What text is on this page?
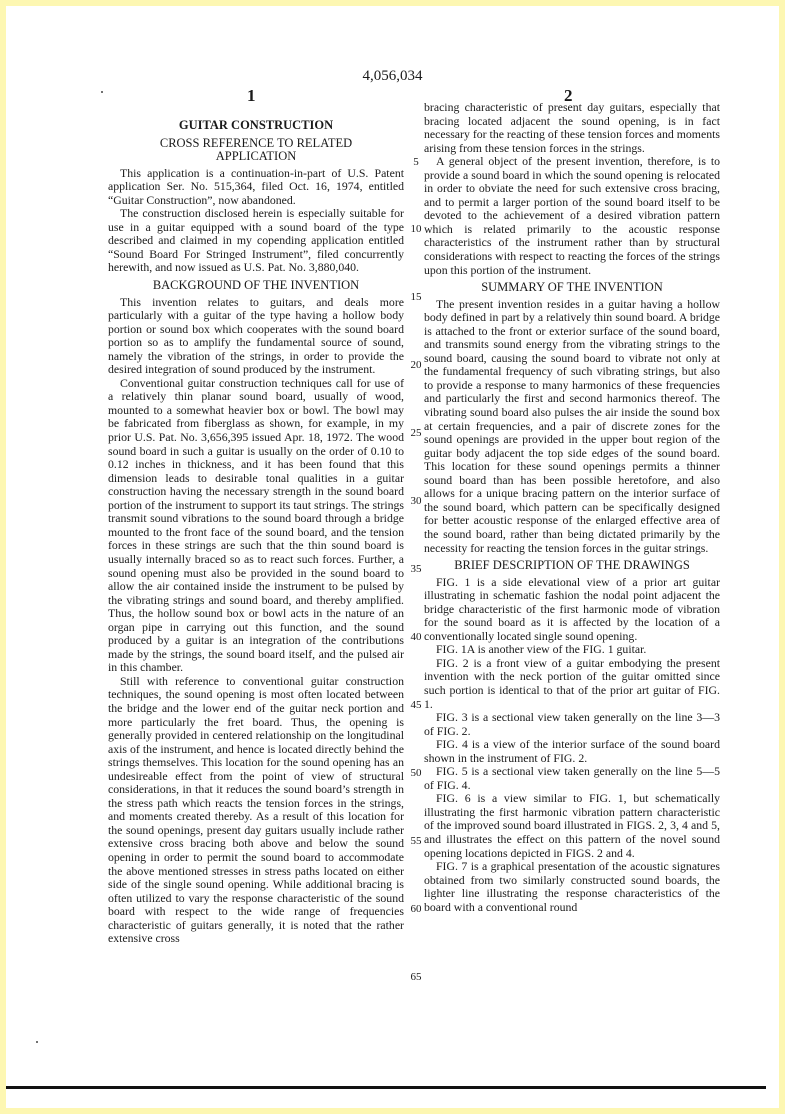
4,056,034
1	2
GUITAR CONSTRUCTION
CROSS REFERENCE TO RELATED APPLICATION

This application is a continuation-in-part of U.S. Patent application Ser. No. 515,364, filed Oct. 16, 1974, entitled “Guitar Construction”, now abandoned.

The construction disclosed herein is especially suitable for use in a guitar equipped with a sound board of the type described and claimed in my copending application entitled “Sound Board For Stringed Instrument”, filed concurrently herewith, and now issued as U.S. Pat. No. 3,880,040.

BACKGROUND OF THE INVENTION

This invention relates to guitars, and deals more particularly with a guitar of the type having a hollow body portion or sound box which cooperates with the sound board portion so as to amplify the fundamental source of sound, namely the vibration of the strings, in order to provide the desired integration of sound produced by the instrument.

Conventional guitar construction techniques call for use of a relatively thin planar sound board, usually of wood, mounted to a somewhat heavier box or bowl. The bowl may be fabricated from fiberglass as shown, for example, in my prior U.S. Pat. No. 3,656,395 issued Apr. 18, 1972. The wood sound board in such a guitar is usually on the order of 0.10 to 0.12 inches in thickness, and it has been found that this dimension leads to desirable tonal qualities in a guitar construction having the necessary strength in the sound board portion of the instrument to support its taut strings. The strings transmit sound vibrations to the sound board through a bridge mounted to the front face of the sound board, and the tension forces in these strings are such that the thin sound board is usually internally braced so as to react such forces. Further, a sound opening must also be provided in the sound board to allow the air contained inside the instrument to be pulsed by the vibrating strings and sound board, and thereby amplified. Thus, the hollow sound box or bowl acts in the nature of an organ pipe in carrying out this function, and the sound produced by a guitar is an integration of the contributions made by the strings, the sound board itself, and the pulsed air in this chamber.

Still with reference to conventional guitar construction techniques, the sound opening is most often located between the bridge and the lower end of the guitar neck portion and more particularly the fret board. Thus, the opening is generally provided in centered relationship on the longitudinal axis of the instrument, and hence is located directly behind the strings themselves. This location for the sound opening has an undesireable effect from the point of view of structural considerations, in that it reduces the sound board’s strength in the stress path which reacts the tension forces in the strings, and moments created thereby. As a result of this location for the sound openings, present day guitars usually include rather extensive cross bracing both above and below the sound opening in order to permit the sound board to accommodate the above mentioned stresses in stress paths located on either side of the single sound opening. While additional bracing is often utilized to vary the response characteristic of the sound board with respect to the wide range of frequencies characteristic of guitars generally, it is noted that the rather extensive cross

5
10
15
20
25
30
35
40
45
50
55
60
65

bracing characteristic of present day guitars, especially that bracing located adjacent the sound opening, is in fact necessary for the reacting of these tension forces and moments arising from these tension forces in the strings.

A general object of the present invention, therefore, is to provide a sound board in which the sound opening is relocated in order to obviate the need for such extensive cross bracing, and to permit a larger portion of the sound board itself to be devoted to the achievement of a desired vibration pattern which is related primarily to the acoustic response characteristics of the instrument rather than by structural considerations with respect to reacting the forces of the strings upon this portion of the instrument.

SUMMARY OF THE INVENTION

The present invention resides in a guitar having a hollow body defined in part by a relatively thin sound board. A bridge is attached to the front or exterior surface of the sound board, and transmits sound energy from the vibrating strings to the sound board, causing the sound board to vibrate not only at the fundamental frequency of such vibrating strings, but also to provide a response to many harmonics of these frequencies and particularly the first and second harmonics thereof. The vibrating sound board also pulses the air inside the sound box at certain frequencies, and a pair of discrete zones for the sound openings are provided in the upper bout region of the guitar body adjacent the top side edges of the sound board. This location for these sound openings permits a thinner sound board than has been possible heretofore, and also allows for a unique bracing pattern on the interior surface of the sound board, which pattern can be specifically designed for better acoustic response of the enlarged effective area of the sound board, rather than being dictated primarily by the necessity for reacting the tension forces in the guitar strings.

BRIEF DESCRIPTION OF THE DRAWINGS

FIG. 1 is a side elevational view of a prior art guitar illustrating in schematic fashion the nodal point adjacent the bridge characteristic of the first harmonic mode of vibration for the sound board as it is affected by the location of a conventionally located single sound opening.

FIG. 1A is another view of the FIG. 1 guitar.

FIG. 2 is a front view of a guitar embodying the present invention with the neck portion of the guitar omitted since such portion is identical to that of the prior art guitar of FIG. 1.

FIG. 3 is a sectional view taken generally on the line 3—3 of FIG. 2.

FIG. 4 is a view of the interior surface of the sound board shown in the instrument of FIG. 2.

FIG. 5 is a sectional view taken generally on the line 5—5 of FIG. 4.

FIG. 6 is a view similar to FIG. 1, but schematically illustrating the first harmonic vibration pattern characteristic of the improved sound board illustrated in FIGS. 2, 3, 4 and 5, and illustrates the effect on this pattern of the novel sound opening locations depicted in FIGS. 2 and 4.

FIG. 7 is a graphical presentation of the acoustic signatures obtained from two similarly constructed sound boards, the lighter line illustrating the response characteristics of the board with a conventional round
